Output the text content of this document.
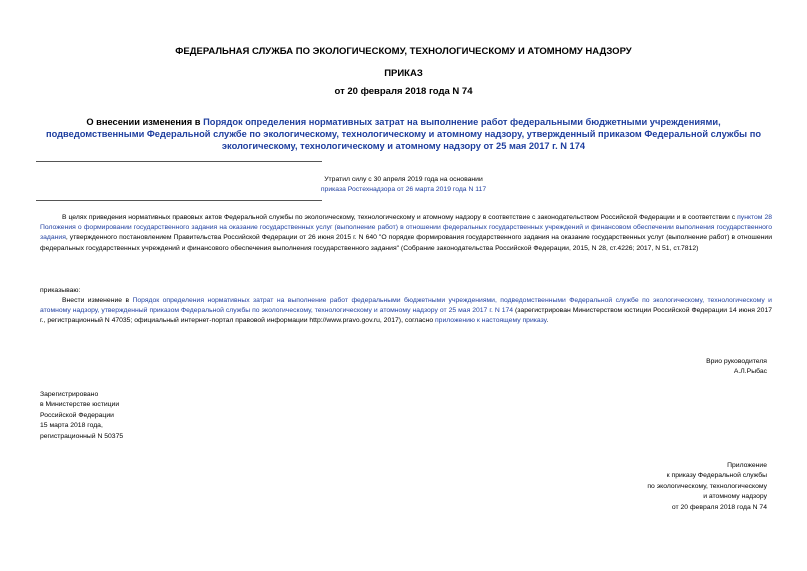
ФЕДЕРАЛЬНАЯ СЛУЖБА ПО ЭКОЛОГИЧЕСКОМУ, ТЕХНОЛОГИЧЕСКОМУ И АТОМНОМУ НАДЗОРУ
ПРИКАЗ
от 20 февраля 2018 года N 74
О внесении изменения в Порядок определения нормативных затрат на выполнение работ федеральными бюджетными учреждениями, подведомственными Федеральной службе по экологическому, технологическому и атомному надзору, утвержденный приказом Федеральной службы по экологическому, технологическому и атомному надзору от 25 мая 2017 г. N 174
Утратил силу с 30 апреля 2019 года на основании
приказа Ростехнадзора от 26 марта 2019 года N 117
В целях приведения нормативных правовых актов Федеральной службы по экологическому, технологическому и атомному надзору в соответствие с законодательством Российской Федерации и в соответствии с пунктом 28 Положения о формировании государственного задания на оказание государственных услуг (выполнение работ) в отношении федеральных государственных учреждений и финансовом обеспечении выполнения государственного задания, утвержденного постановлением Правительства Российской Федерации от 26 июня 2015 г. N 640 "О порядке формирования государственного задания на оказание государственных услуг (выполнение работ) в отношении федеральных государственных учреждений и финансового обеспечения выполнения государственного задания" (Собрание законодательства Российской Федерации, 2015, N 28, ст.4226; 2017, N 51, ст.7812)
приказываю:
Внести изменение в Порядок определения нормативных затрат на выполнение работ федеральными бюджетными учреждениями, подведомственными Федеральной службе по экологическому, технологическому и атомному надзору, утвержденный приказом Федеральной службы по экологическому, технологическому и атомному надзору от 25 мая 2017 г. N 174 (зарегистрирован Министерством юстиции Российской Федерации 14 июня 2017 г., регистрационный N 47035; официальный интернет-портал правовой информации http://www.pravo.gov.ru, 2017), согласно приложению к настоящему приказу.
Врио руководителя
А.Л.Рыбас
Зарегистрировано
в Министерстве юстиции
Российской Федерации
15 марта 2018 года,
регистрационный N 50375
Приложение
к приказу Федеральной службы
по экологическому, технологическому
и атомному надзору
от 20 февраля 2018 года N 74
